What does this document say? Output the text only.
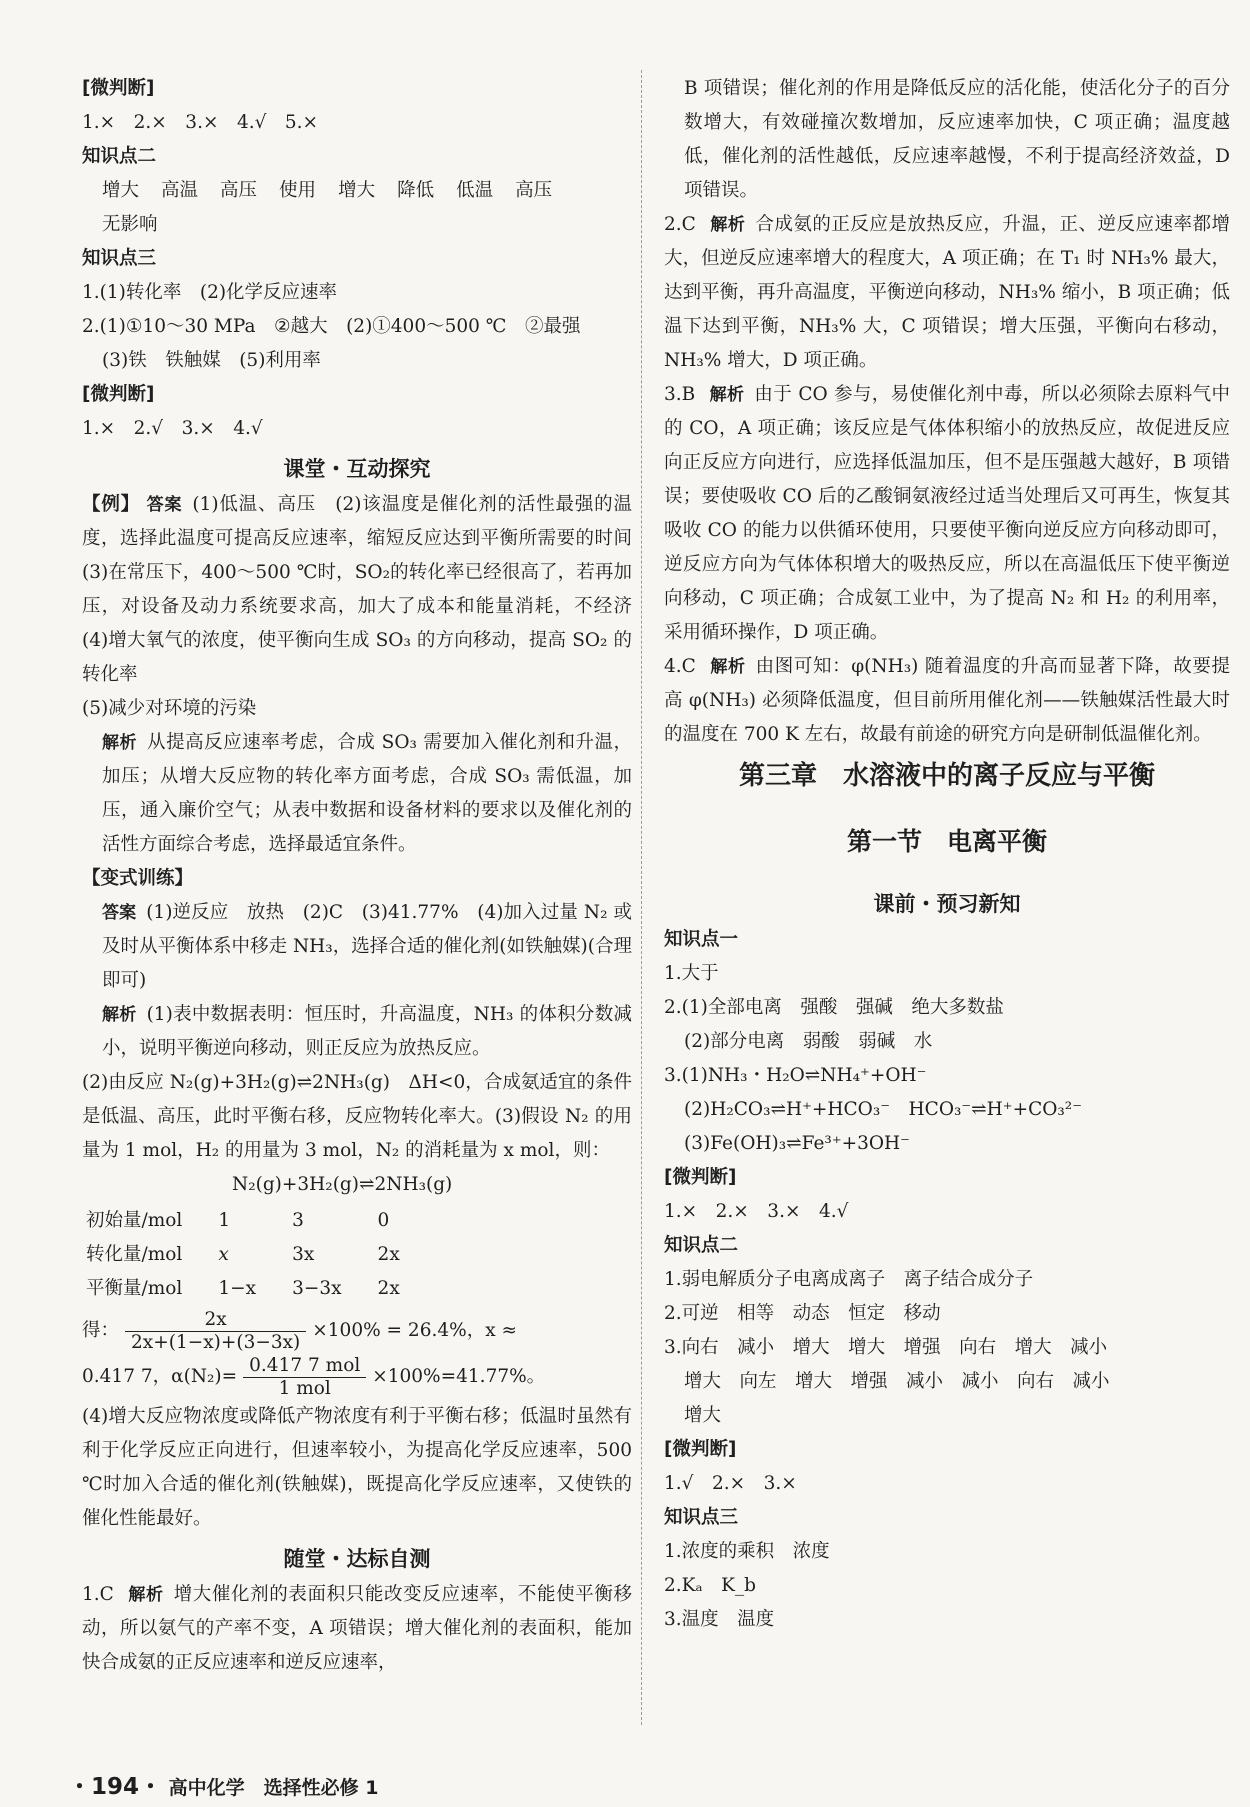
[微判断]

1.×　2.×　3.×　4.√　5.×

知识点二

增大 高温 高压 使用 增大 降低 低温 高压

无影响

知识点三

1.(1)转化率　(2)化学反应速率

2.(1)①10～30 MPa　②越大　(2)①400～500 ℃　②最强

(3)铁　铁触媒　(5)利用率

[微判断]

1.×　2.√　3.×　4.√

课堂・互动探究

【例】 答案 (1)低温、高压　(2)该温度是催化剂的活性最强的温度，选择此温度可提高反应速率，缩短反应达到平衡所需要的时间　(3)在常压下，400～500 ℃时，SO₂的转化率已经很高了，若再加压，对设备及动力系统要求高，加大了成本和能量消耗，不经济　(4)增大氧气的浓度，使平衡向生成 SO₃ 的方向移动，提高 SO₂ 的转化率

(5)减少对环境的污染

解析 从提高反应速率考虑，合成 SO₃ 需要加入催化剂和升温，加压；从增大反应物的转化率方面考虑，合成 SO₃ 需低温，加压，通入廉价空气；从表中数据和设备材料的要求以及催化剂的活性方面综合考虑，选择最适宜条件。

【变式训练】

答案 (1)逆反应　放热　(2)C　(3)41.77%　(4)加入过量 N₂ 或及时从平衡体系中移走 NH₃，选择合适的催化剂(如铁触媒)(合理即可)

解析 (1)表中数据表明：恒压时，升高温度，NH₃ 的体积分数减小，说明平衡逆向移动，则正反应为放热反应。

(2)由反应 N₂(g)+3H₂(g)⇌2NH₃(g)　ΔH<0，合成氨适宜的条件是低温、高压，此时平衡右移，反应物转化率大。(3)假设 N₂ 的用量为 1 mol，H₂ 的用量为 3 mol，N₂ 的消耗量为 x mol，则：

N₂(g)+3H₂(g)⇌2NH₃(g)

初始量/mol	1	3	0
转化量/mol	x	3x	2x
平衡量/mol	1−x	3−3x	2x

得： $\frac{2x}{2x+(1-x)+(3-3x)} \times 100\% = 26.4\%$，x ≈

0.417 7，$\alpha(N_2)= \frac{\text{0.417 7 mol}}{\text{1 mol}} \times 100\%=41.77\%$。

(4)增大反应物浓度或降低产物浓度有利于平衡右移；低温时虽然有利于化学反应正向进行，但速率较小，为提高化学反应速率，500 ℃时加入合适的催化剂(铁触媒)，既提高化学反应速率，又使铁的催化性能最好。

随堂・达标自测

1.C 解析 增大催化剂的表面积只能改变反应速率，不能使平衡移动，所以氨气的产率不变，A 项错误；增大催化剂的表面积，能加快合成氨的正反应速率和逆反应速率，

B 项错误；催化剂的作用是降低反应的活化能，使活化分子的百分数增大，有效碰撞次数增加，反应速率加快，C 项正确；温度越低，催化剂的活性越低，反应速率越慢，不利于提高经济效益，D 项错误。

2.C 解析 合成氨的正反应是放热反应，升温，正、逆反应速率都增大，但逆反应速率增大的程度大，A 项正确；在 T₁ 时 NH₃% 最大，达到平衡，再升高温度，平衡逆向移动，NH₃% 缩小，B 项正确；低温下达到平衡，NH₃% 大，C 项错误；增大压强，平衡向右移动，NH₃% 增大，D 项正确。

3.B 解析 由于 CO 参与，易使催化剂中毒，所以必须除去原料气中的 CO，A 项正确；该反应是气体体积缩小的放热反应，故促进反应向正反应方向进行，应选择低温加压，但不是压强越大越好，B 项错误；要使吸收 CO 后的乙酸铜氨液经过适当处理后又可再生，恢复其吸收 CO 的能力以供循环使用，只要使平衡向逆反应方向移动即可，逆反应方向为气体体积增大的吸热反应，所以在高温低压下使平衡逆向移动，C 项正确；合成氨工业中，为了提高 N₂ 和 H₂ 的利用率，采用循环操作，D 项正确。

4.C 解析 由图可知：φ(NH₃) 随着温度的升高而显著下降，故要提高 φ(NH₃) 必须降低温度，但目前所用催化剂——铁触媒活性最大时的温度在 700 K 左右，故最有前途的研究方向是研制低温催化剂。

第三章　水溶液中的离子反应与平衡

第一节　电离平衡

课前・预习新知

知识点一

1.大于

2.(1)全部电离　强酸　强碱　绝大多数盐

(2)部分电离　弱酸　弱碱　水

3.(1)NH₃・H₂O⇌NH₄⁺+OH⁻

(2)H₂CO₃⇌H⁺+HCO₃⁻　HCO₃⁻⇌H⁺+CO₃²⁻

(3)Fe(OH)₃⇌Fe³⁺+3OH⁻

[微判断]

1.×　2.×　3.×　4.√

知识点二

1.弱电解质分子电离成离子　离子结合成分子

2.可逆　相等　动态　恒定　移动

3.向右　减小　增大　增大　增强　向右　增大　减小

增大　向左　增大　增强　减小　减小　向右　减小

增大

[微判断]

1.√　2.×　3.×

知识点三

1.浓度的乘积　浓度

2.Kₐ　K_b

3.温度　温度

・194・ 高中化学　选择性必修 1
